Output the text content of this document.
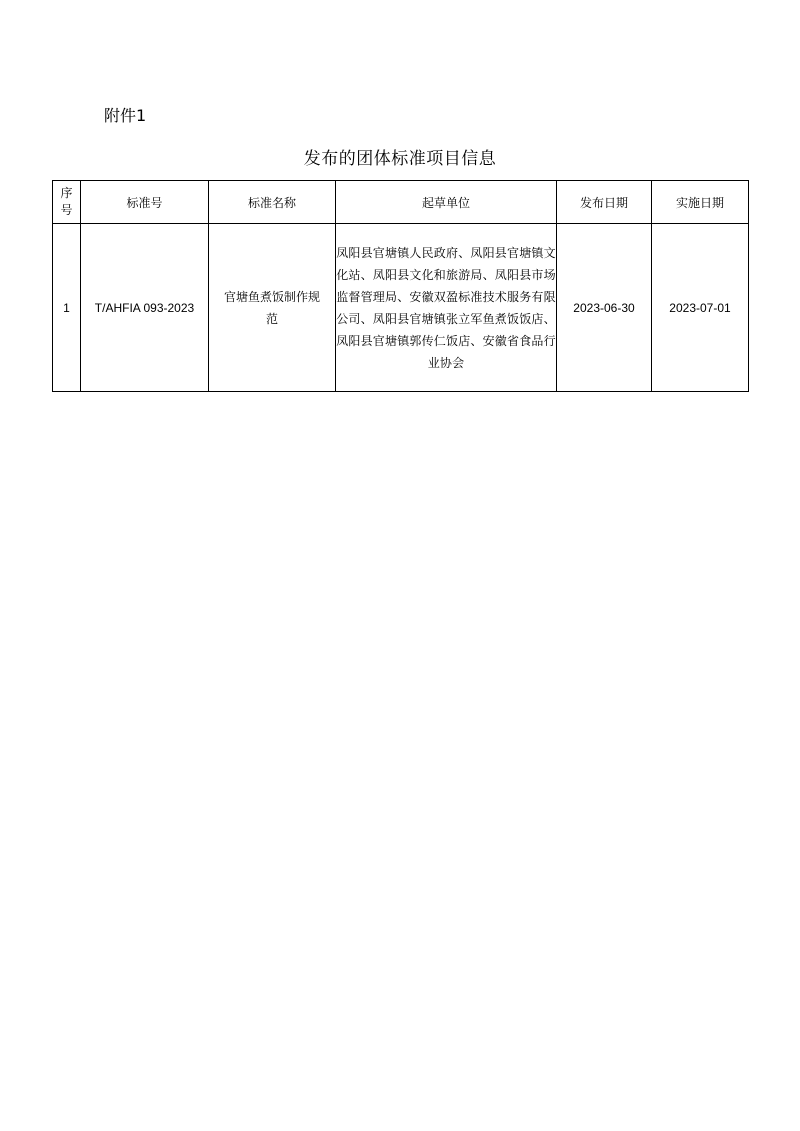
附件1
发布的团体标准项目信息
序号	标准号	标准名称	起草单位	发布日期	实施日期
1	T/AHFIA 093-2023	官塘鱼煮饭制作规范	凤阳县官塘镇人民政府、凤阳县官塘镇文化站、凤阳县文化和旅游局、凤阳县市场监督管理局、安徽双盈标准技术服务有限公司、凤阳县官塘镇张立军鱼煮饭饭店、凤阳县官塘镇郭传仁饭店、安徽省食品行业协会	2023-06-30	2023-07-01
